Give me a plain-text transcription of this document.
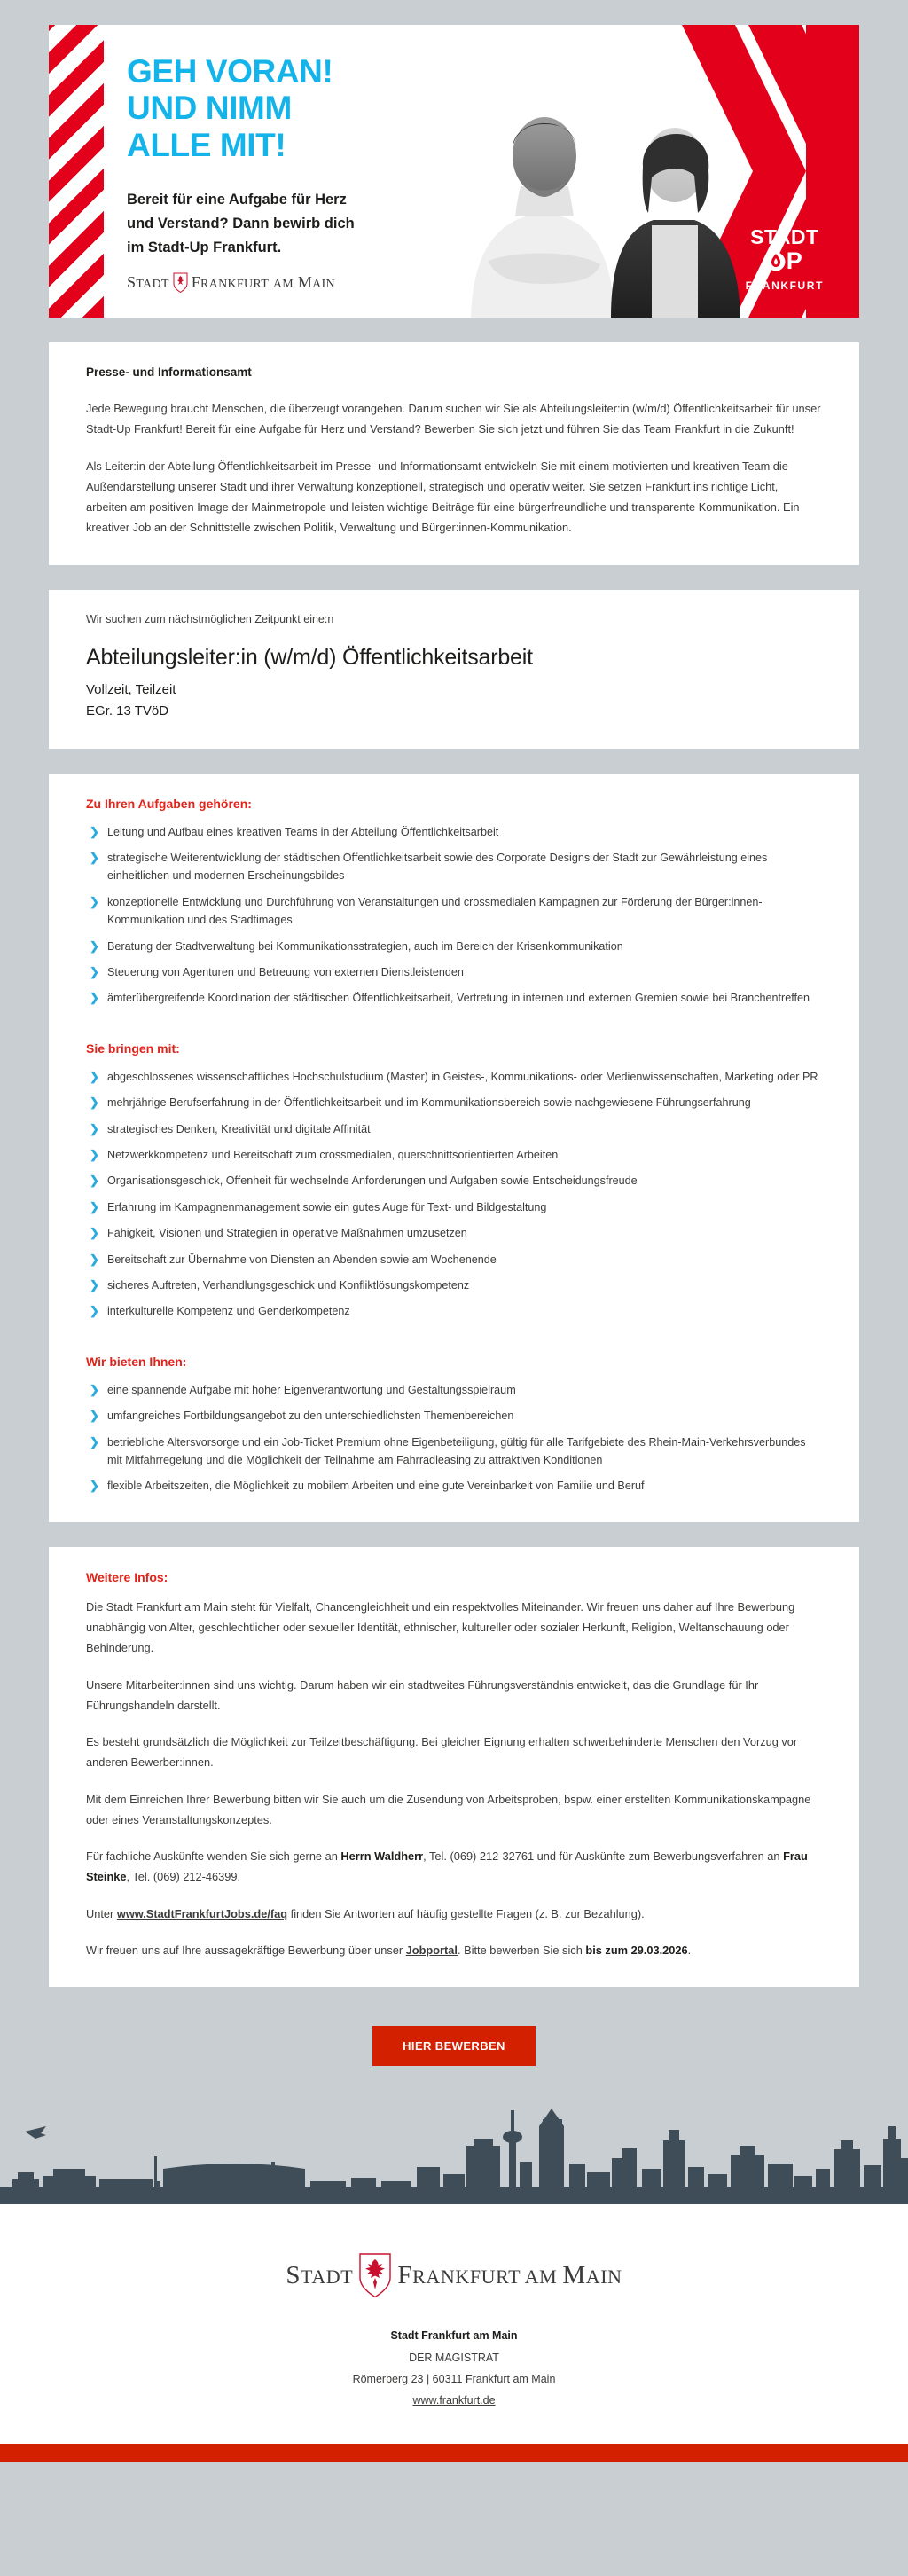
GEH VORAN!
UND NIMM
ALLE MIT!
Bereit für eine Aufgabe für Herz
und Verstand? Dann bewirb dich
im Stadt-Up Frankfurt.
STADT FRANKFURT AM MAIN
STADT
P
FRANKFURT
Presse- und Informationsamt

Jede Bewegung braucht Menschen, die überzeugt vorangehen. Darum suchen wir Sie als Abteilungsleiter:in (w/m/d) Öffentlichkeitsarbeit für unser Stadt-Up Frankfurt! Bereit für eine Aufgabe für Herz und Verstand? Bewerben Sie sich jetzt und führen Sie das Team Frankfurt in die Zukunft!

Als Leiter:in der Abteilung Öffentlichkeitsarbeit im Presse- und Informationsamt entwickeln Sie mit einem motivierten und kreativen Team die Außendarstellung unserer Stadt und ihrer Verwaltung konzeptionell, strategisch und operativ weiter. Sie setzen Frankfurt ins richtige Licht, arbeiten am positiven Image der Mainmetropole und leisten wichtige Beiträge für eine bürgerfreundliche und transparente Kommunikation. Ein kreativer Job an der Schnittstelle zwischen Politik, Verwaltung und Bürger:innen-Kommunikation.

Wir suchen zum nächstmöglichen Zeitpunkt eine:n
Abteilungsleiter:in (w/m/d) Öffentlichkeitsarbeit
Vollzeit, Teilzeit
EGr. 13 TVöD
Zu Ihren Aufgaben gehören:
❯ Leitung und Aufbau eines kreativen Teams in der Abteilung Öffentlichkeitsarbeit
❯ strategische Weiterentwicklung der städtischen Öffentlichkeitsarbeit sowie des Corporate Designs der Stadt zur Gewährleistung eines einheitlichen und modernen Erscheinungsbildes
❯ konzeptionelle Entwicklung und Durchführung von Veranstaltungen und crossmedialen Kampagnen zur Förderung der Bürger:innen-Kommunikation und des Stadtimages
❯ Beratung der Stadtverwaltung bei Kommunikationsstrategien, auch im Bereich der Krisenkommunikation
❯ Steuerung von Agenturen und Betreuung von externen Dienstleistenden
❯ ämterübergreifende Koordination der städtischen Öffentlichkeitsarbeit, Vertretung in internen und externen Gremien sowie bei Branchentreffen
Sie bringen mit:
❯ abgeschlossenes wissenschaftliches Hochschulstudium (Master) in Geistes-, Kommunikations- oder Medienwissenschaften, Marketing oder PR
❯ mehrjährige Berufserfahrung in der Öffentlichkeitsarbeit und im Kommunikationsbereich sowie nachgewiesene Führungserfahrung
❯ strategisches Denken, Kreativität und digitale Affinität
❯ Netzwerkkompetenz und Bereitschaft zum crossmedialen, querschnittsorientierten Arbeiten
❯ Organisationsgeschick, Offenheit für wechselnde Anforderungen und Aufgaben sowie Entscheidungsfreude
❯ Erfahrung im Kampagnenmanagement sowie ein gutes Auge für Text- und Bildgestaltung
❯ Fähigkeit, Visionen und Strategien in operative Maßnahmen umzusetzen
❯ Bereitschaft zur Übernahme von Diensten an Abenden sowie am Wochenende
❯ sicheres Auftreten, Verhandlungsgeschick und Konfliktlösungskompetenz
❯ interkulturelle Kompetenz und Genderkompetenz
Wir bieten Ihnen:
❯ eine spannende Aufgabe mit hoher Eigenverantwortung und Gestaltungsspielraum
❯ umfangreiches Fortbildungsangebot zu den unterschiedlichsten Themenbereichen
❯ betriebliche Altersvorsorge und ein Job-Ticket Premium ohne Eigenbeteiligung, gültig für alle Tarifgebiete des Rhein-Main-Verkehrsverbundes mit Mitfahrregelung und die Möglichkeit der Teilnahme am Fahrradleasing zu attraktiven Konditionen
❯ flexible Arbeitszeiten, die Möglichkeit zu mobilem Arbeiten und eine gute Vereinbarkeit von Familie und Beruf
Weitere Infos:

Die Stadt Frankfurt am Main steht für Vielfalt, Chancengleichheit und ein respektvolles Miteinander. Wir freuen uns daher auf Ihre Bewerbung unabhängig von Alter, geschlechtlicher oder sexueller Identität, ethnischer, kultureller oder sozialer Herkunft, Religion, Weltanschauung oder Behinderung.

Unsere Mitarbeiter:innen sind uns wichtig. Darum haben wir ein stadtweites Führungsverständnis entwickelt, das die Grundlage für Ihr Führungshandeln darstellt.

Es besteht grundsätzlich die Möglichkeit zur Teilzeitbeschäftigung. Bei gleicher Eignung erhalten schwerbehinderte Menschen den Vorzug vor anderen Bewerber:innen.

Mit dem Einreichen Ihrer Bewerbung bitten wir Sie auch um die Zusendung von Arbeitsproben, bspw. einer erstellten Kommunikationskampagne oder eines Veranstaltungskonzeptes.

Für fachliche Auskünfte wenden Sie sich gerne an Herrn Waldherr, Tel. (069) 212-32761 und für Auskünfte zum Bewerbungsverfahren an Frau Steinke, Tel. (069) 212-46399.

Unter www.StadtFrankfurtJobs.de/faq finden Sie Antworten auf häufig gestellte Fragen (z. B. zur Bezahlung).

Wir freuen uns auf Ihre aussagekräftige Bewerbung über unser Jobportal. Bitte bewerben Sie sich bis zum 29.03.2026.

HIER BEWERBEN
STADT FRANKFURT AM MAIN
Stadt Frankfurt am Main
DER MAGISTRAT
Römerberg 23 | 60311 Frankfurt am Main
www.frankfurt.de
